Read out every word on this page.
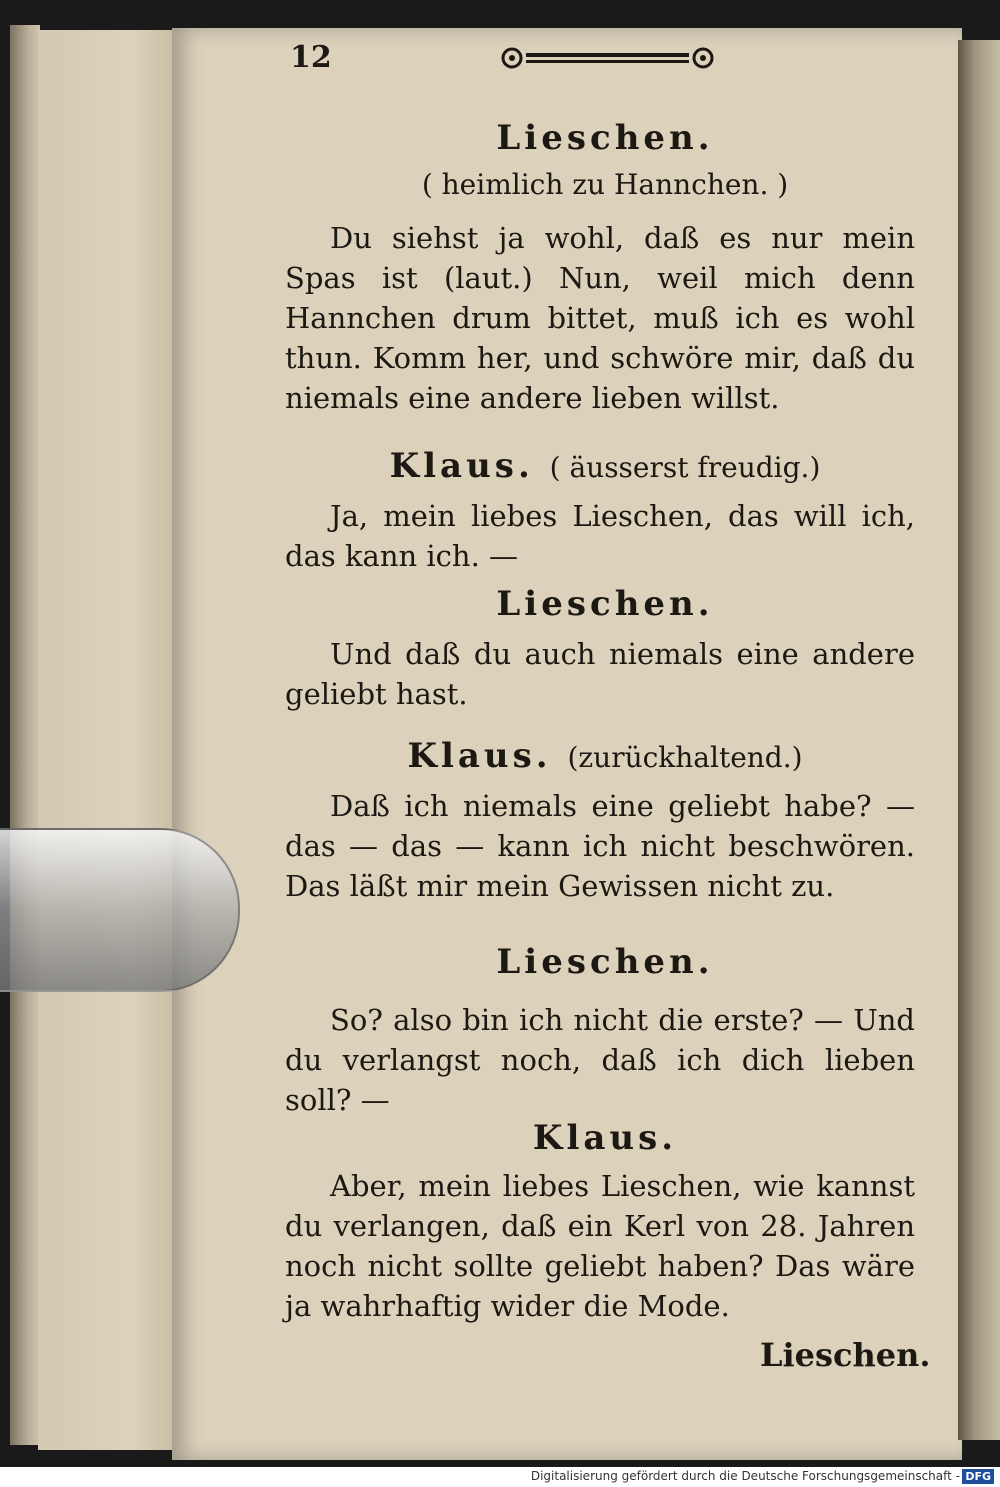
12
Lieschen.
( heimlich zu Hannchen. )
Du siehst ja wohl, daß es nur mein Spas ist (laut.) Nun, weil mich denn Hannchen drum bittet, muß ich es wohl thun. Komm her, und schwöre mir, daß du niemals eine andere lieben willst.
Klaus. ( äusserst freudig.)
Ja, mein liebes Lieschen, das will ich, das kann ich. —
Lieschen.
Und daß du auch niemals eine andere geliebt hast.
Klaus. (zurückhaltend.)
Daß ich niemals eine geliebt habe? — das — das — kann ich nicht beschwören. Das läßt mir mein Gewissen nicht zu.
Lieschen.
So? also bin ich nicht die erste? — Und du verlangst noch, daß ich dich lieben soll? —
Klaus.
Aber, mein liebes Lieschen, wie kannst du verlangen, daß ein Kerl von 28. Jahren noch nicht sollte geliebt haben? Das wäre ja wahrhaftig wider die Mode.
Lieschen.
Digitalisierung gefördert durch die Deutsche Forschungsgemeinschaft - DFG
